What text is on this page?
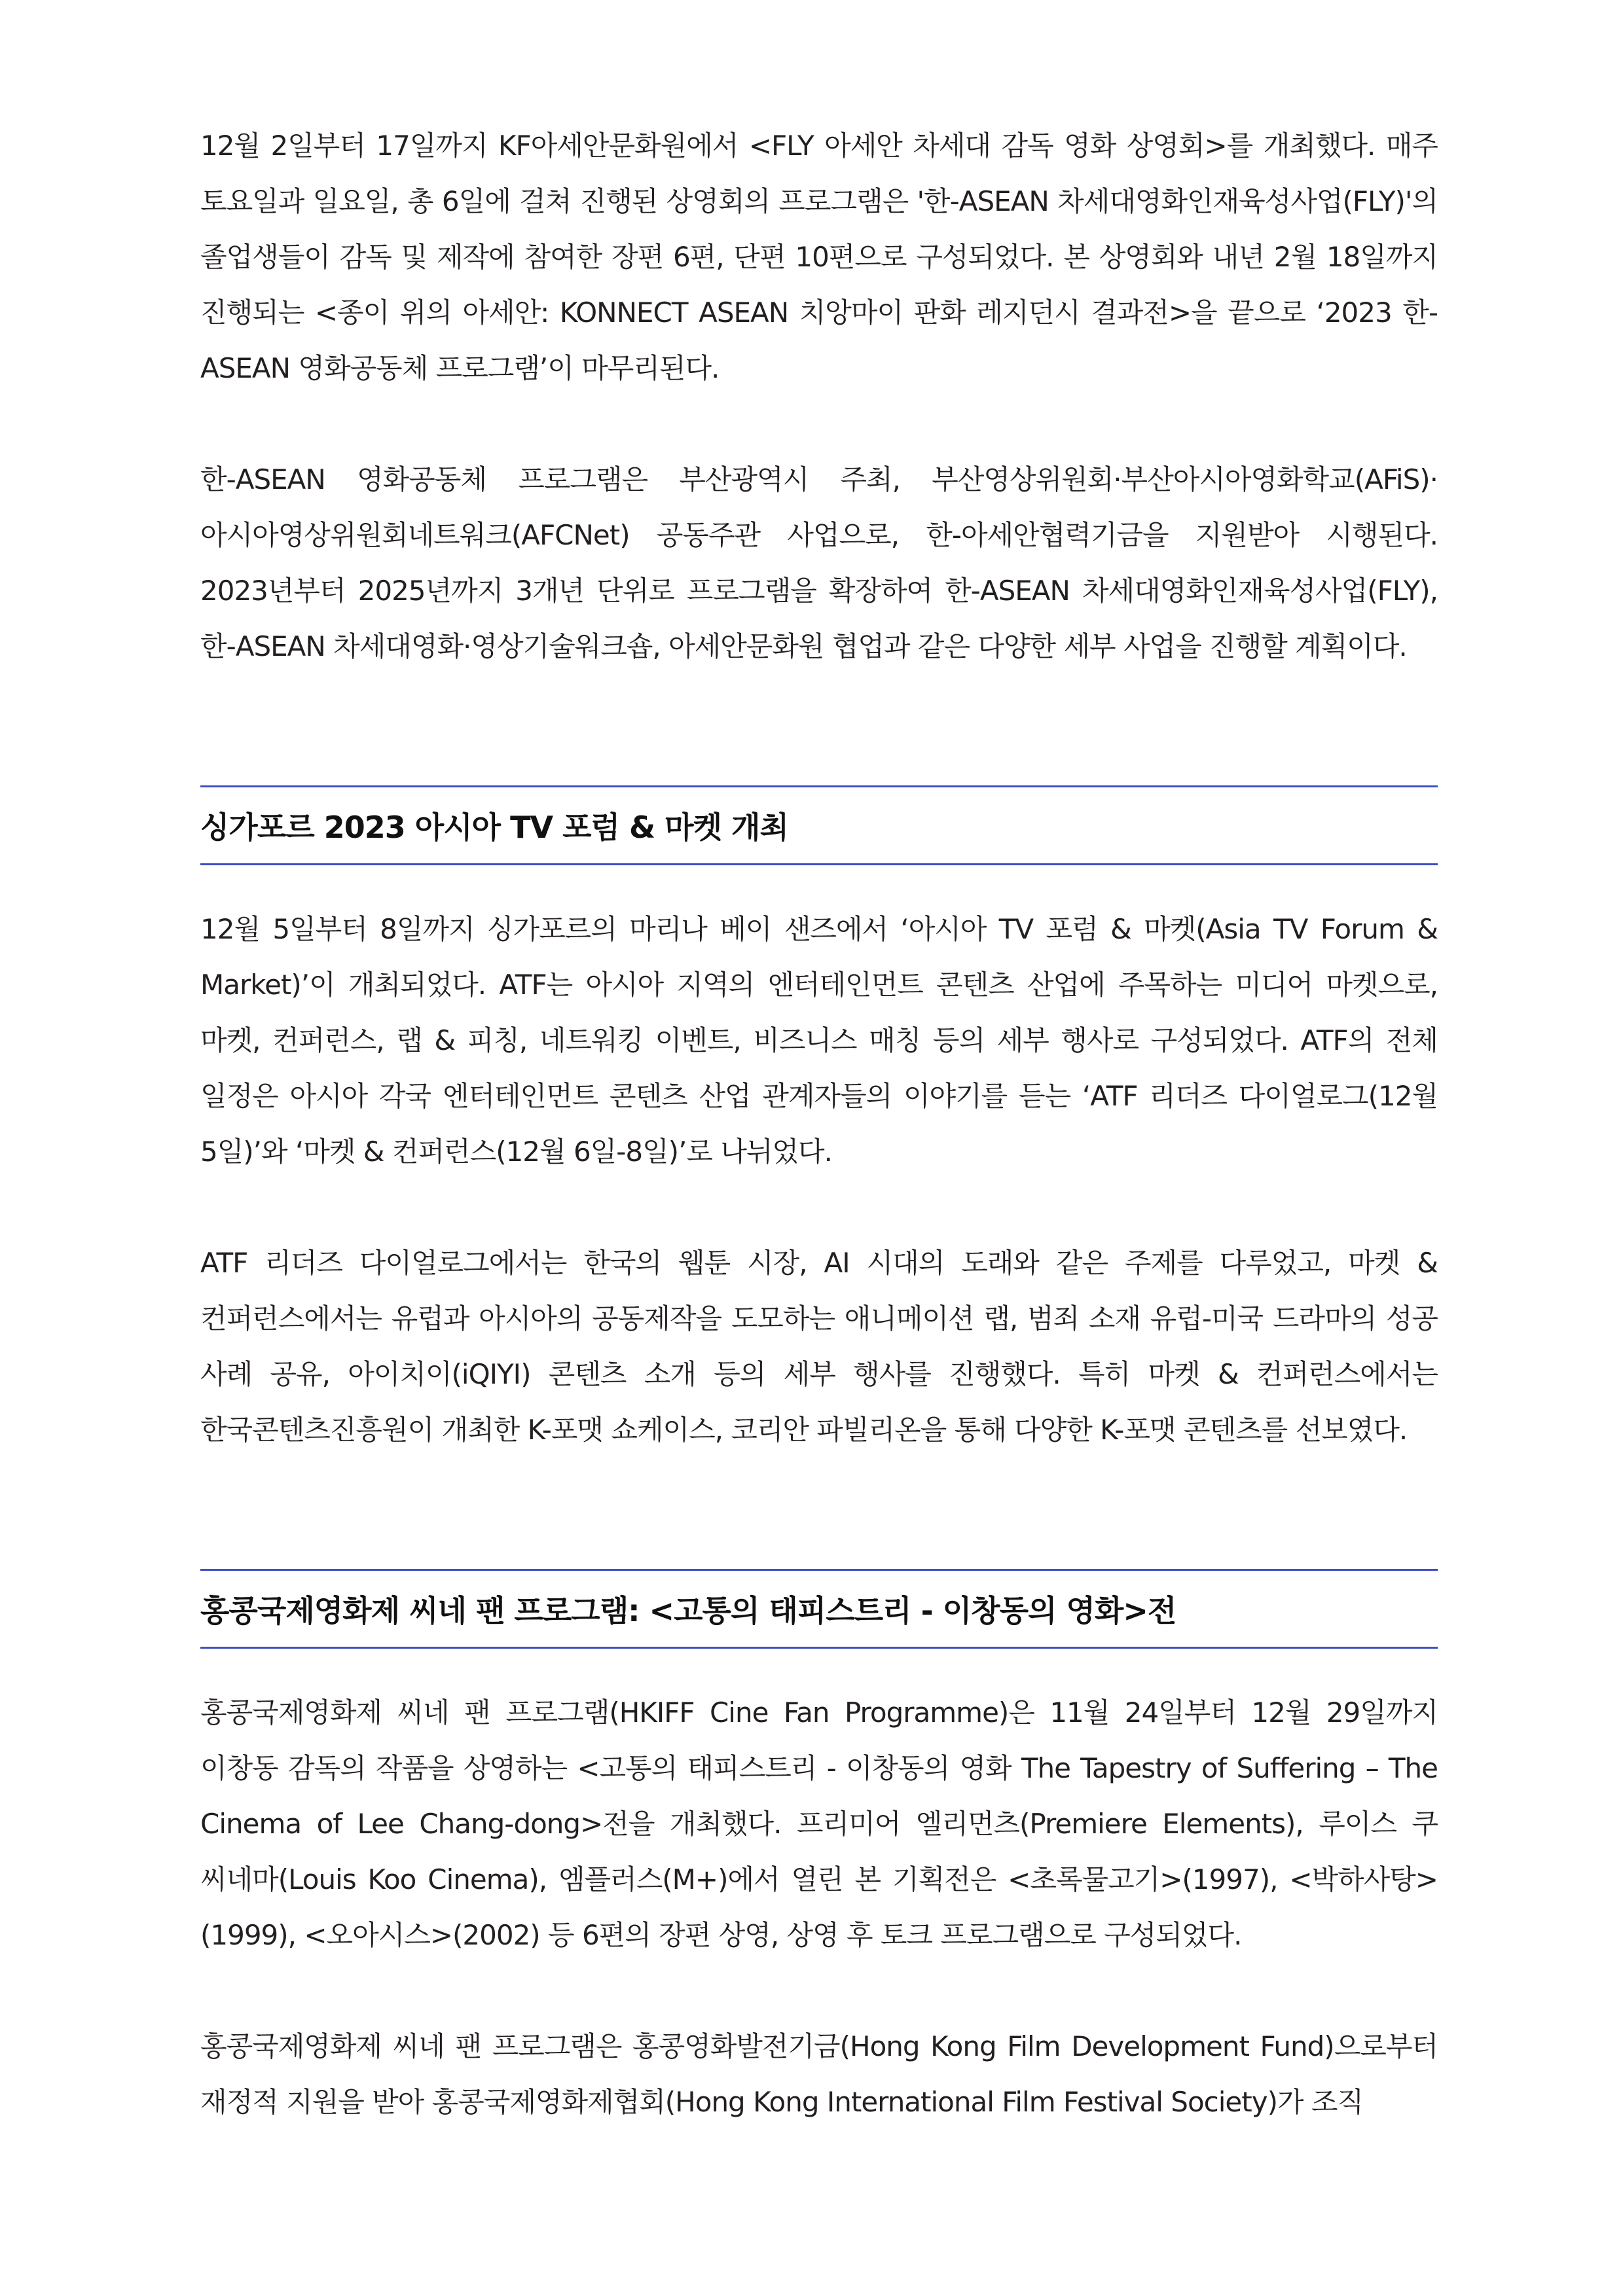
12월 2일부터 17일까지 KF아세안문화원에서 <FLY 아세안 차세대 감독 영화 상영회>를 개최했다. 매주 토요일과 일요일, 총 6일에 걸쳐 진행된 상영회의 프로그램은 '한-ASEAN 차세대영화인재육성사업(FLY)'의 졸업생들이 감독 및 제작에 참여한 장편 6편, 단편 10편으로 구성되었다. 본 상영회와 내년 2월 18일까지 진행되는 <종이 위의 아세안: KONNECT ASEAN 치앙마이 판화 레지던시 결과전>을 끝으로 ‘2023 한-ASEAN 영화공동체 프로그램’이 마무리된다.

한-ASEAN 영화공동체 프로그램은 부산광역시 주최, 부산영상위원회·부산아시아영화학교(AFiS)·아시아영상위원회네트워크(AFCNet) 공동주관 사업으로, 한-아세안협력기금을 지원받아 시행된다. 2023년부터 2025년까지 3개년 단위로 프로그램을 확장하여 한-ASEAN 차세대영화인재육성사업(FLY), 한-ASEAN 차세대영화·영상기술워크숍, 아세안문화원 협업과 같은 다양한 세부 사업을 진행할 계획이다.

싱가포르 2023 아시아 TV 포럼 & 마켓 개최

12월 5일부터 8일까지 싱가포르의 마리나 베이 샌즈에서 ‘아시아 TV 포럼 & 마켓(Asia TV Forum & Market)’이 개최되었다. ATF는 아시아 지역의 엔터테인먼트 콘텐츠 산업에 주목하는 미디어 마켓으로, 마켓, 컨퍼런스, 랩 & 피칭, 네트워킹 이벤트, 비즈니스 매칭 등의 세부 행사로 구성되었다. ATF의 전체 일정은 아시아 각국 엔터테인먼트 콘텐츠 산업 관계자들의 이야기를 듣는 ‘ATF 리더즈 다이얼로그(12월 5일)’와 ‘마켓 & 컨퍼런스(12월 6일-8일)’로 나뉘었다.

ATF 리더즈 다이얼로그에서는 한국의 웹툰 시장, AI 시대의 도래와 같은 주제를 다루었고, 마켓 & 컨퍼런스에서는 유럽과 아시아의 공동제작을 도모하는 애니메이션 랩, 범죄 소재 유럽-미국 드라마의 성공 사례 공유, 아이치이(iQIYI) 콘텐츠 소개 등의 세부 행사를 진행했다. 특히 마켓 & 컨퍼런스에서는 한국콘텐츠진흥원이 개최한 K-포맷 쇼케이스, 코리안 파빌리온을 통해 다양한 K-포맷 콘텐츠를 선보였다.

홍콩국제영화제 씨네 팬 프로그램: <고통의 태피스트리 - 이창동의 영화>전

홍콩국제영화제 씨네 팬 프로그램(HKIFF Cine Fan Programme)은 11월 24일부터 12월 29일까지 이창동 감독의 작품을 상영하는 <고통의 태피스트리 - 이창동의 영화 The Tapestry of Suffering – The Cinema of Lee Chang-dong>전을 개최했다. 프리미어 엘리먼츠(Premiere Elements), 루이스 쿠 씨네마(Louis Koo Cinema), 엠플러스(M+)에서 열린 본 기획전은 <초록물고기>(1997), <박하사탕>(1999), <오아시스>(2002) 등 6편의 장편 상영, 상영 후 토크 프로그램으로 구성되었다.

홍콩국제영화제 씨네 팬 프로그램은 홍콩영화발전기금(Hong Kong Film Development Fund)으로부터 재정적 지원을 받아 홍콩국제영화제협회(Hong Kong International Film Festival Society)가 조직
